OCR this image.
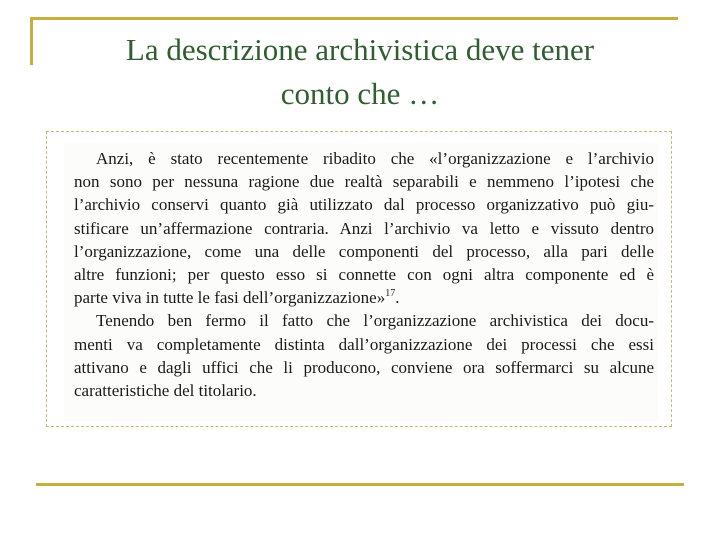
La descrizione archivistica deve tener
conto che …
Anzi, è stato recentemente ribadito che «l’organizzazione e l’archivio
non sono per nessuna ragione due realtà separabili e nemmeno l’ipotesi che
l’archivio conservi quanto già utilizzato dal processo organizzativo può giu-
stificare un’affermazione contraria. Anzi l’archivio va letto e vissuto dentro
l’organizzazione, come una delle componenti del processo, alla pari delle
altre funzioni; per questo esso si connette con ogni altra componente ed è
parte viva in tutte le fasi dell’organizzazione»$^{17}$.
Tenendo ben fermo il fatto che l’organizzazione archivistica dei docu-
menti va completamente distinta dall’organizzazione dei processi che essi
attivano e dagli uffici che li producono, conviene ora soffermarci su alcune
caratteristiche del titolario.
